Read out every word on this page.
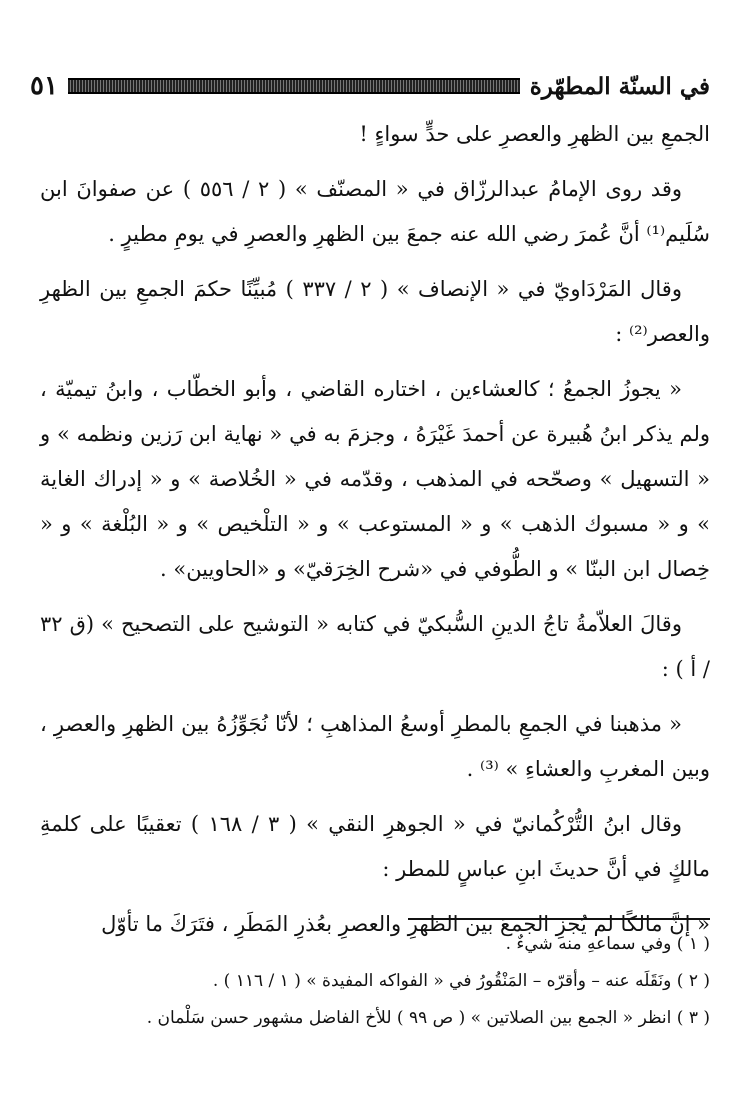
في السنّة المطهّرة
٥١

الجمعِ بين الظهرِ والعصرِ على حدٍّ سواءٍ !

وقد روى الإمامُ عبدالرزّاق في « المصنّف » ( ٢ / ٥٥٦ ) عن صفوانَ ابن سُلَيم⁽¹⁾ أنَّ عُمرَ رضي الله عنه جمعَ بين الظهرِ والعصرِ في يومِ مطيرٍ .

وقال المَرْدَاويّ في « الإنصاف » ( ٢ / ٣٣٧ ) مُبيِّنًا حكمَ الجمعِ بين الظهرِ والعصر⁽²⁾ :

« يجوزُ الجمعُ ؛ كالعشاءين ، اختاره القاضي ، وأبو الخطّاب ، وابنُ تيميّة ، ولم يذكر ابنُ هُبيرة عن أحمدَ غَيْرَهُ ، وجزمَ به في « نهاية ابن رَزين ونظمه » و « التسهيل » وصحّحه في المذهب ، وقدّمه في « الخُلاصة » و « إدراك الغاية » و « مسبوك الذهب » و « المستوعب » و « التلْخيص » و « البُلْغة » و « خِصال ابن البنّا » و الطُّوفي في «شرح الخِرَقيّ» و «الحاويين» .

وقالَ العلاّمةُ تاجُ الدينِ السُّبكيّ في كتابه « التوشيح على التصحيح » (ق ٣٢ / أ ) :

« مذهبنا في الجمعِ بالمطرِ أوسعُ المذاهبِ ؛ لأنّا نُجَوِّزُهُ بين الظهرِ والعصرِ ، وبين المغربِ والعشاءِ » ⁽³⁾ .

وقال ابنُ التُّرْكُمانيّ في « الجوهرِ النقي » ( ٣ / ١٦٨ ) تعقيبًا على كلمةِ مالكٍ في أنَّ حديثَ ابنِ عباسٍ للمطر :

« إنَّ مالكًا لم يُجزِ الجمعَ بين الظهرِ والعصرِ بعُذرِ المَطَرِ ، فتَرَكَ ما تأوّل

( ١ ) وفي سماعهِ منه شيءٌ .
( ٢ ) ونَقَلَه عنه – وأقرّه – المَنْقُورُ في « الفواكه المفيدة » ( ١ / ١١٦ ) .
( ٣ ) انظر « الجمع بين الصلاتين » ( ص ٩٩ ) للأخ الفاضل مشهور حسن سَلْمان .
